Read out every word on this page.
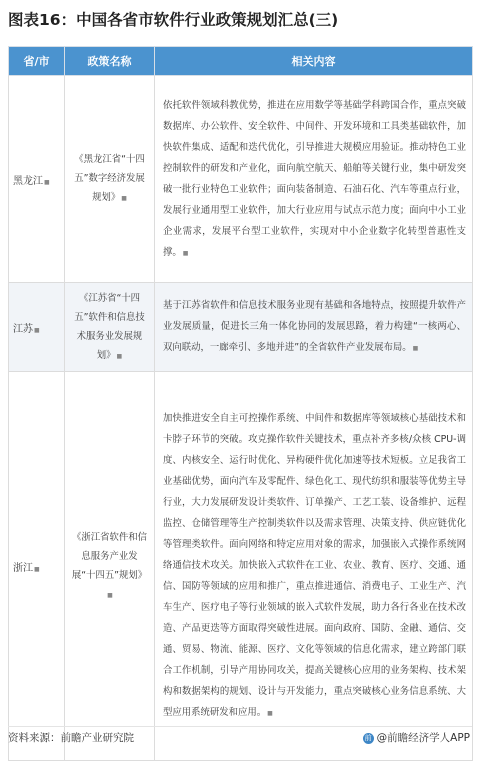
图表16：中国各省市软件行业政策规划汇总(三)
省/市	政策名称	相关内容
黑龙江■	《黑龙江省“十四五”数字经济发展规划》■	依托软件领域科教优势，推进在应用数学等基础学科跨国合作，重点突破数据库、办公软件、安全软件、中间件、开发环境和工具类基础软件，加快软件集成、适配和迭代优化，引导推进大规模应用验证。推动特色工业控制软件的研发和产业化，面向航空航天、船舶等关键行业，集中研发突破一批行业特色工业软件；面向装备制造、石油石化、汽车等重点行业，发展行业通用型工业软件，加大行业应用与试点示范力度；面向中小工业企业需求，发展平台型工业软件，实现对中小企业数字化转型普惠性支撑。■
江苏■	《江苏省“十四五”软件和信息技术服务业发展规划》■	基于江苏省软件和信息技术服务业现有基础和各地特点，按照提升软件产业发展质量，促进长三角一体化协同的发展思路，着力构建“一核两心、双向联动，一廊牵引、多地并进”的全省软件产业发展布局。■
浙江■	《浙江省软件和信息服务产业发展“十四五”规划》■	加快推进安全自主可控操作系统、中间件和数据库等领域核心基础技术和卡脖子环节的突破。攻克操作软件关键技术，重点补齐多核/众核 CPU-调度、内核安全、运行时优化、异构硬件优化加速等技术短板。立足我省工业基础优势，面向汽车及零配件、绿色化工、现代纺织和服装等优势主导行业，大力发展研发设计类软件、订单操产、工艺工装、设备维护、远程监控、仓储管理等生产控制类软件以及需求管理、决策支持、供应链优化等管理类软件。面向网络和特定应用对象的需求，加强嵌入式操作系统网络通信技术攻关。加快嵌入式软件在工业、农业、教育、医疗、交通、通信、国防等领域的应用和推广，重点推进通信、消费电子、工业生产、汽车生产、医疗电子等行业领域的嵌入式软件发展，助力各行各业在技术改造、产品更迭等方面取得突破性进展。面向政府、国防、金融、通信、交通、贸易、物流、能源、医疗、文化等领域的信息化需求，建立跨部门联合工作机制，引导产用协同攻关，提高关键核心应用的业务架构、技术架构和数据架构的规划、设计与开发能力，重点突破核心业务信息系统、大型应用系统研发和应用。■
资料来源：前瞻产业研究院	前 @前瞻经济学人APP
